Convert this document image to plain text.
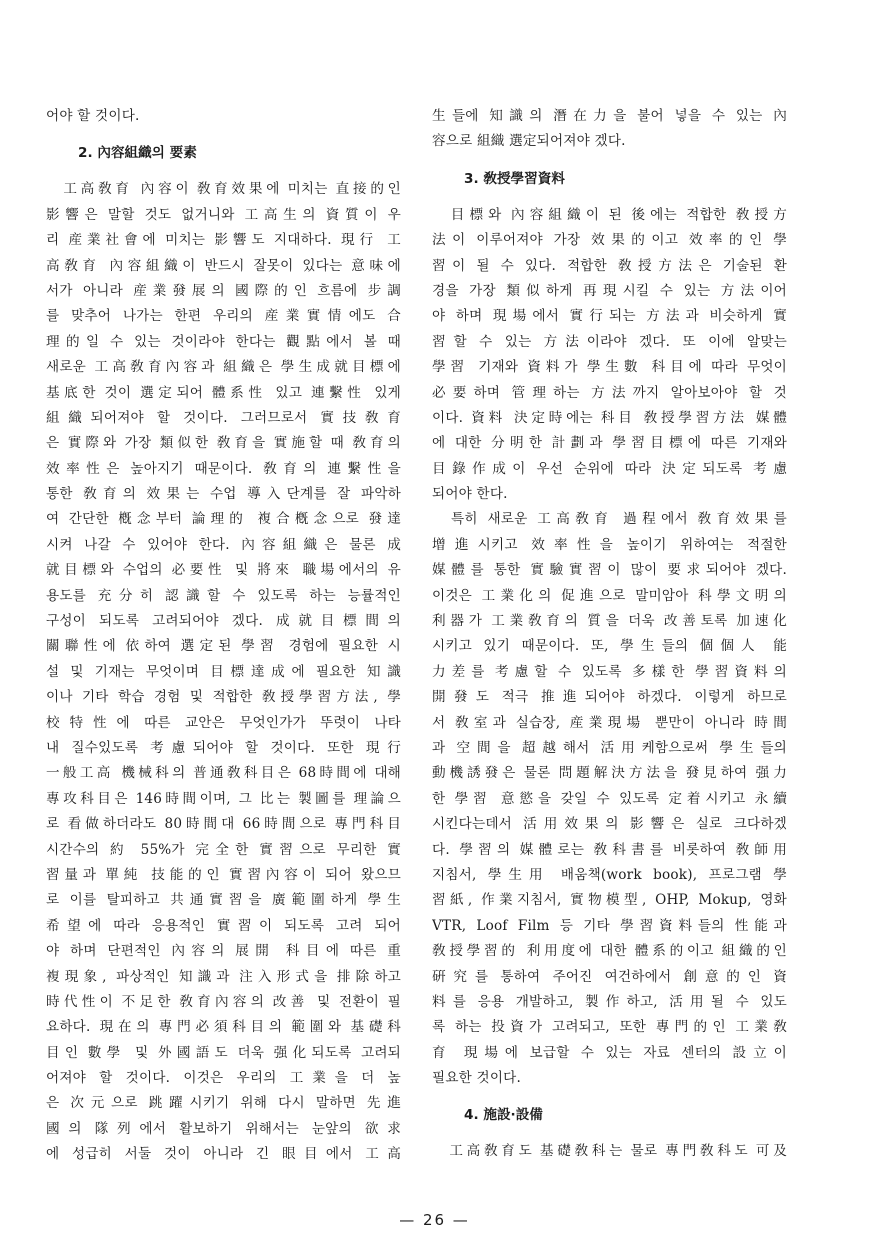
어야 할 것이다.
2. 內容組織의 要素
　工高敎育 內容이 敎育效果에 미치는 直接的인
影響은 말할 것도 없거니와 工高生의 資質이 우
리 産業社會에 미치는 影響도 지대하다. 現行 工
高敎育 內容組織이 반드시 잘못이 있다는 意味에
서가 아니라 産業發展의 國際的인 흐름에 步調
를 맞추어 나가는 한편 우리의 産業實情에도 合
理的일 수 있는 것이라야 한다는 觀點에서 볼 때
새로운 工高敎育內容과 組織은 學生成就目標에
基底한 것이 選定되어 體系性 있고 連繫性 있게
組織되어져야 할 것이다. 그러므로서 實技敎育
은 實際와 가장 類似한 敎育을 實施할 때 敎育의
效率性은 높아지기 때문이다. 敎育의 連繫性을
통한 敎育의 效果는 수업 導入단계를 잘 파악하
여 간단한 槪念부터 論理的 複合槪念으로 發達
시켜 나갈 수 있어야 한다. 內容組織은 물론 成
就目標와 수업의 必要性 및 將來 職場에서의 유
용도를 充分히 認識할 수 있도록 하는 능률적인
구성이 되도록 고려되어야 겠다. 成就目標間의
關聯性에 依하여 選定된 學習 경험에 필요한 시
설 및 기재는 무엇이며 目標達成에 필요한 知識
이나 기타 학습 경험 및 적합한 敎授學習方法, 學
校特性에 따른 교안은 무엇인가가 뚜렷이 나타
내 질수있도록 考慮되어야 할 것이다. 또한 現行
一般工高 機械科의 普通敎科目은 68時間에 대해
專攻科目은 146時間이며, 그 比는 製圖를 理論으
로 看做하더라도 80時間대 66時間으로 專門科目
시간수의 約 55%가 完全한 實習으로 무리한 實
習量과 單純 技能的인 實習內容이 되어 왔으므
로 이를 탈피하고 共通實習을 廣範圍하게 學生
希望에 따라 응용적인 實習이 되도록 고려 되어
야 하며 단편적인 內容의 展開 科目에 따른 重
複現象, 파상적인 知識과 注入形式을 排除하고
時代性이 不足한 敎育內容의 改善 및 전환이 필
요하다. 現在의 專門必須科目의 範圍와 基礎科
目인 數學 및 外國語도 더욱 强化되도록 고려되
어져야 할 것이다. 이것은 우리의 工業을 더 높
은 次元으로 跳躍시키기 위해 다시 말하면 先進
國의 隊列에서 활보하기 위해서는 눈앞의 欲求
에 성급히 서둘 것이 아니라 긴 眼目에서 工高
生들에 知識의 潛在力을 불어 넣을 수 있는 內
容으로 組織 選定되어져야 겠다.
3. 敎授學習資料
　目標와 內容組織이 된 後에는 적합한 敎授方
法이 이루어져야 가장 效果的이고 效率的인 學
習이 될 수 있다. 적합한 敎授方法은 기술된 환
경을 가장 類似하게 再現시킬 수 있는 方法이어
야 하며 現場에서 實行되는 方法과 비슷하게 實
習할 수 있는 方法이라야 겠다. 또 이에 알맞는
學習 기재와 資料가 學生數 科目에 따라 무엇이
必要하며 管理하는 方法까지 알아보아야 할 것
이다. 資料 決定時에는 科目 敎授學習方法 媒體
에 대한 分明한 計劃과 學習目標에 따른 기재와
目錄作成이 우선 순위에 따라 決定되도록 考慮
되어야 한다.
　특히 새로운 工高敎育 過程에서 敎育效果를
增進시키고 效率性을 높이기 위하여는 적절한
媒體를 통한 實驗實習이 많이 要求되어야 겠다.
이것은 工業化의 促進으로 말미암아 科學文明의
利器가 工業敎育의 質을 더욱 改善토록 加速化
시키고 있기 때문이다. 또, 學生들의 個個人 能
力差를 考慮할 수 있도록 多樣한 學習資料의
開發도 적극 推進되어야 하겠다. 이렇게 하므로
서 敎室과 실습장, 産業現場 뿐만이 아니라 時間
과 空間을 超越해서 活用케함으로써 學生들의
動機誘發은 물론 問題解決方法을 發見하여 强力
한 學習 意慾을 갖일 수 있도록 定着시키고 永續
시킨다는데서 活用效果의 影響은 실로 크다하겠
다. 學習의 媒體로는 敎科書를 비롯하여 敎師用
지침서, 學生用 배움책(work book), 프로그램 學
習紙, 作業지침서, 實物模型, OHP, Mokup, 영화
VTR, Loof Film 등 기타 學習資料들의 性能과
敎授學習的 利用度에 대한 體系的이고 組織的인
硏究를 통하여 주어진 여건하에서 創意的인 資
料를 응용 개발하고, 製作하고, 活用될 수 있도
록 하는 投資가 고려되고, 또한 專門的인 工業敎
育 現場에 보급할 수 있는 자료 센터의 設立이
필요한 것이다.
4. 施設·設備
　工高敎育도 基礎敎科는 물로 專門敎科도 可及
— 26 —
